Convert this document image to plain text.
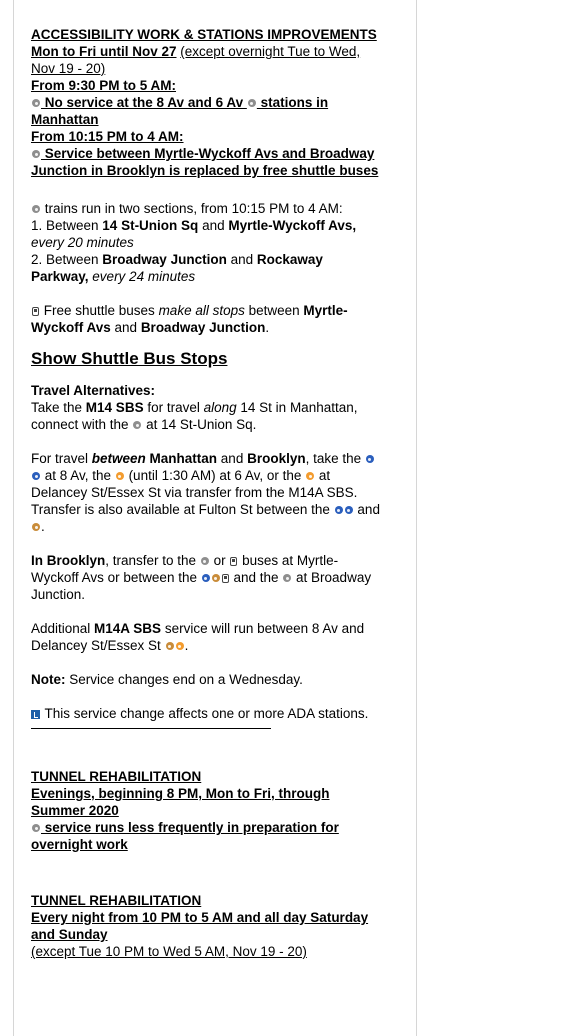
ACCESSIBILITY WORK & STATIONS IMPROVEMENTS

Mon to Fri until Nov 27 (except overnight Tue to Wed, Nov 19 - 20)

From 9:30 PM to 5 AM:

No service at the 8 Av and 6 Av  stations in Manhattan

From 10:15 PM to 4 AM:

Service between Myrtle-Wyckoff Avs and Broadway Junction in Brooklyn is replaced by free shuttle buses

trains run in two sections, from 10:15 PM to 4 AM:

1. Between 14 St-Union Sq and Myrtle-Wyckoff Avs,

every 20 minutes

2. Between Broadway Junction and Rockaway Parkway, every 24 minutes

Free shuttle buses make all stops between Myrtle-Wyckoff Avs and Broadway Junction.

Show Shuttle Bus Stops

Travel Alternatives:

Take the M14 SBS for travel along 14 St in Manhattan, connect with the  at 14 St-Union Sq.

For travel between Manhattan and Brooklyn, take the  at 8 Av, the  (until 1:30 AM) at 6 Av, or the  at Delancey St/Essex St via transfer from the M14A SBS. Transfer is also available at Fulton St between the  and .

In Brooklyn, transfer to the  or  buses at Myrtle-Wyckoff Avs or between the  and the  at Broadway Junction.

Additional M14A SBS service will run between 8 Av and Delancey St/Essex St .

Note: Service changes end on a Wednesday.

This service change affects one or more ADA stations.

TUNNEL REHABILITATION

Evenings, beginning 8 PM, Mon to Fri, through Summer 2020

service runs less frequently in preparation for overnight work

TUNNEL REHABILITATION

Every night from 10 PM to 5 AM and all day Saturday and Sunday

(except Tue 10 PM to Wed 5 AM, Nov 19 - 20)
